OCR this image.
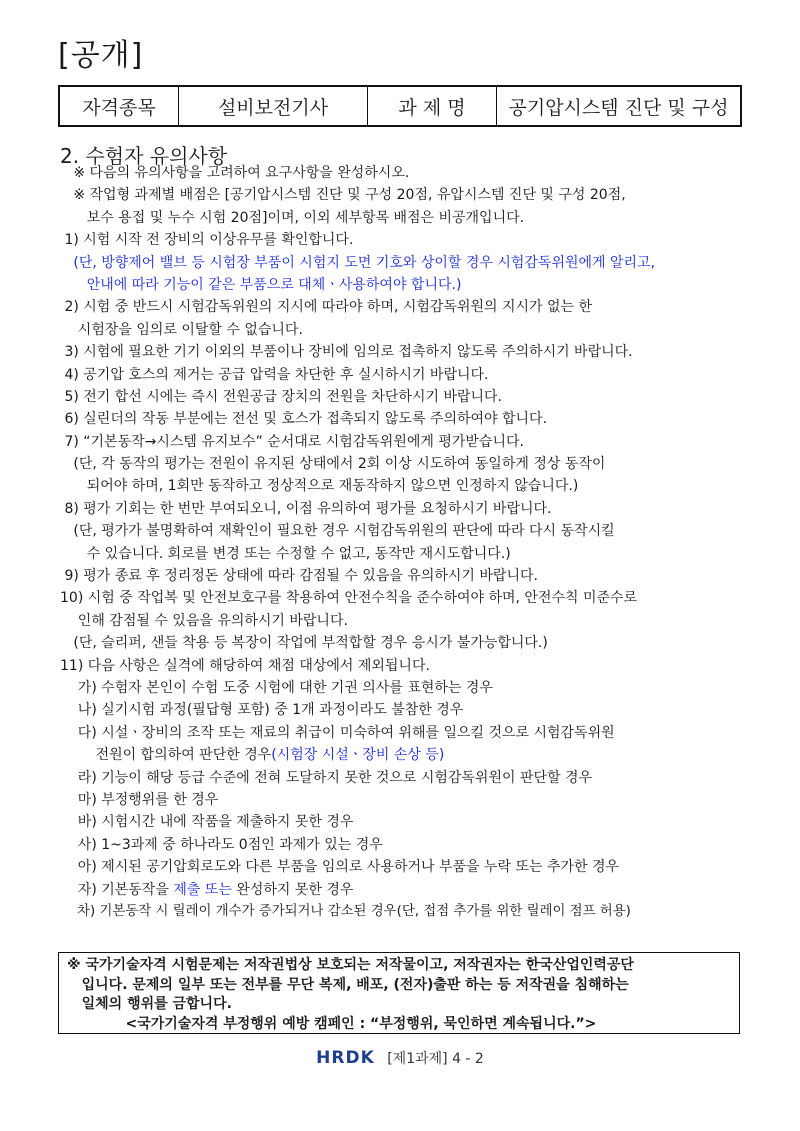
[공개]
자격종목	설비보전기사	과 제 명	공기압시스템 진단 및 구성
2. 수험자 유의사항
※ 다음의 유의사항을 고려하여 요구사항을 완성하시오.
※ 작업형 과제별 배점은 [공기압시스템 진단 및 구성 20점, 유압시스템 진단 및 구성 20점,
보수 용접 및 누수 시험 20점]이며, 이외 세부항목 배점은 비공개입니다.
1) 시험 시작 전 장비의 이상유무를 확인합니다.
(단, 방향제어 밸브 등 시험장 부품이 시험지 도면 기호와 상이할 경우 시험감독위원에게 알리고,
안내에 따라 기능이 같은 부품으로 대체ㆍ사용하여야 합니다.)
2) 시험 중 반드시 시험감독위원의 지시에 따라야 하며, 시험감독위원의 지시가 없는 한
시험장을 임의로 이탈할 수 없습니다.
3) 시험에 필요한 기기 이외의 부품이나 장비에 임의로 접촉하지 않도록 주의하시기 바랍니다.
4) 공기압 호스의 제거는 공급 압력을 차단한 후 실시하시기 바랍니다.
5) 전기 합선 시에는 즉시 전원공급 장치의 전원을 차단하시기 바랍니다.
6) 실린더의 작동 부분에는 전선 및 호스가 접촉되지 않도록 주의하여야 합니다.
7) “기본동작→시스템 유지보수” 순서대로 시험감독위원에게 평가받습니다.
(단, 각 동작의 평가는 전원이 유지된 상태에서 2회 이상 시도하여 동일하게 정상 동작이
되어야 하며, 1회만 동작하고 정상적으로 재동작하지 않으면 인정하지 않습니다.)
8) 평가 기회는 한 번만 부여되오니, 이점 유의하여 평가를 요청하시기 바랍니다.
(단, 평가가 불명확하여 재확인이 필요한 경우 시험감독위원의 판단에 따라 다시 동작시킬
수 있습니다. 회로를 변경 또는 수정할 수 없고, 동작만 재시도합니다.)
9) 평가 종료 후 정리정돈 상태에 따라 감점될 수 있음을 유의하시기 바랍니다.
10) 시험 중 작업복 및 안전보호구를 착용하여 안전수칙을 준수하여야 하며, 안전수칙 미준수로
인해 감점될 수 있음을 유의하시기 바랍니다.
(단, 슬리퍼, 샌들 착용 등 복장이 작업에 부적합할 경우 응시가 불가능합니다.)
11) 다음 사항은 실격에 해당하여 채점 대상에서 제외됩니다.
가) 수험자 본인이 수험 도중 시험에 대한 기권 의사를 표현하는 경우
나) 실기시험 과정(필답형 포함) 중 1개 과정이라도 불참한 경우
다) 시설ㆍ장비의 조작 또는 재료의 취급이 미숙하여 위해를 일으킬 것으로 시험감독위원
전원이 합의하여 판단한 경우(시험장 시설ㆍ장비 손상 등)
라) 기능이 해당 등급 수준에 전혀 도달하지 못한 것으로 시험감독위원이 판단할 경우
마) 부정행위를 한 경우
바) 시험시간 내에 작품을 제출하지 못한 경우
사) 1~3과제 중 하나라도 0점인 과제가 있는 경우
아) 제시된 공기압회로도와 다른 부품을 임의로 사용하거나 부품을 누락 또는 추가한 경우
자) 기본동작을 제출 또는 완성하지 못한 경우
차) 기본동작 시 릴레이 개수가 증가되거나 감소된 경우(단, 접점 추가를 위한 릴레이 점프 허용)
※ 국가기술자격 시험문제는 저작권법상 보호되는 저작물이고, 저작권자는 한국산업인력공단
입니다. 문제의 일부 또는 전부를 무단 복제, 배포, (전자)출판 하는 등 저작권을 침해하는
일체의 행위를 금합니다.
<국가기술자격 부정행위 예방 캠페인 : “부정행위, 묵인하면 계속됩니다.”>
HRDK [제1과제] 4 - 2
